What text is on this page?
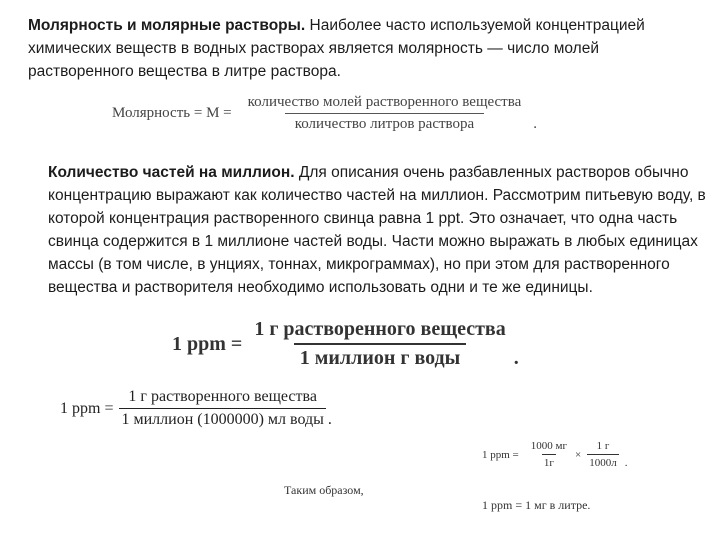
Молярность и молярные растворы. Наиболее часто используемой концентрацией химических веществ в водных растворах является молярность — число молей растворенного вещества в литре раствора.
Молярность = $М = \frac{\text{количество молей растворенного вещества}}{\text{количество литров раствора}}$ .
Количество частей на миллион. Для описания очень разбавленных растворов обычно концентрацию выражают как количество частей на миллион. Рассмотрим питьевую воду, в которой концентрация растворенного свинца равна 1 ppt. Это означает, что одна часть свинца содержится в 1 миллионе частей воды. Части можно выражать в любых единицах массы (в том числе, в унциях, тоннах, микрограммах), но при этом для растворенного вещества и растворителя необходимо использовать одни и те же единицы.
1 ppm = $\frac{\text{1 г растворенного вещества}}{\text{1 миллион г воды}}$ .
1 ppm = $\frac{\text{1 г растворенного вещества}}{\text{1 миллион (1000000) мл воды}}$ .
1 ppm = $\frac{1000 мг}{1г} \times \frac{1 г}{1000л}$ .
Таким образом,
1 ppm = 1 мг в литре.
